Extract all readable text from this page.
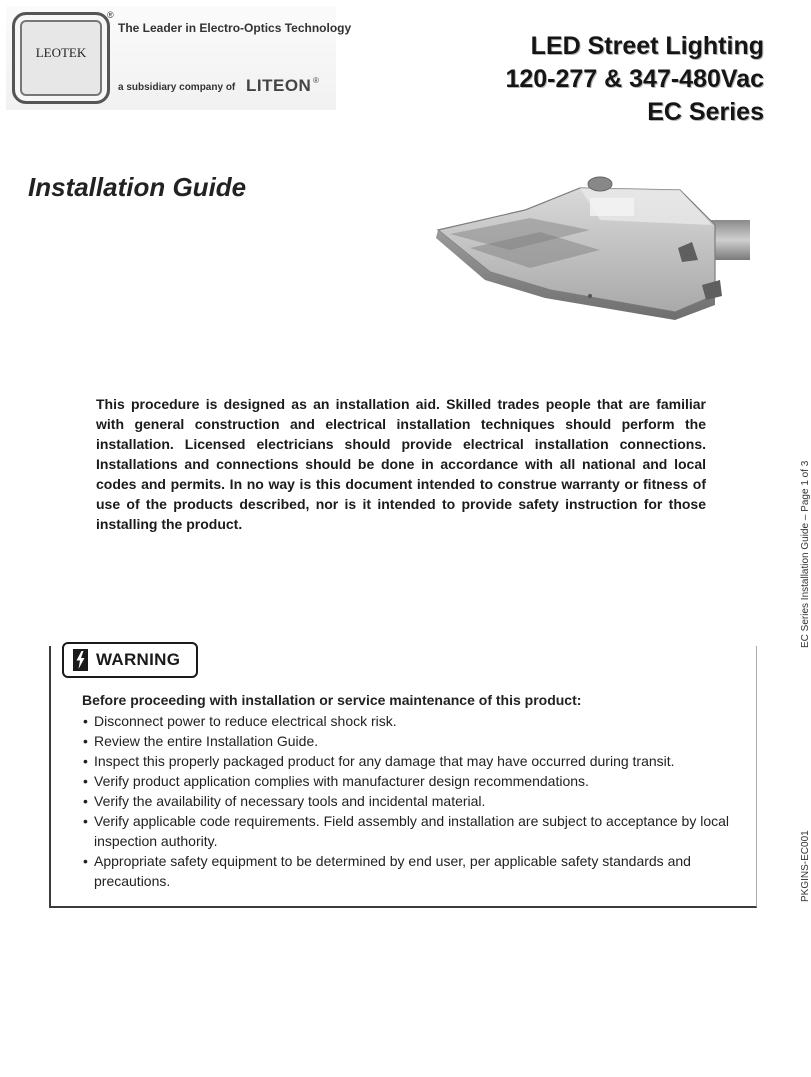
LEOTEK
®
The Leader in Electro-Optics Technology
a subsidiary company of LITEON ®
LED Street Lighting
120-277 & 347-480Vac
EC Series
Installation Guide

This procedure is designed as an installation aid. Skilled trades people that are familiar with general construction and electrical installation techniques should perform the installation. Licensed electricians should provide electrical installation connections. Installations and connections should be done in accordance with all national and local codes and permits. In no way is this document intended to construe warranty or fitness of use of the products described, nor is it intended to provide safety instruction for those installing the product.	EC Series Installation Guide – Page 1 of 3
PKGINS-EC001
WARNING

Before proceeding with installation or service maintenance of this product:

• Disconnect power to reduce electrical shock risk.
• Review the entire Installation Guide.
• Inspect this properly packaged product for any damage that may have occurred during transit.
• Verify product application complies with manufacturer design recommendations.
• Verify the availability of necessary tools and incidental material.
• Verify applicable code requirements. Field assembly and installation are subject to acceptance by local inspection authority.
• Appropriate safety equipment to be determined by end user, per applicable safety standards and precautions.
